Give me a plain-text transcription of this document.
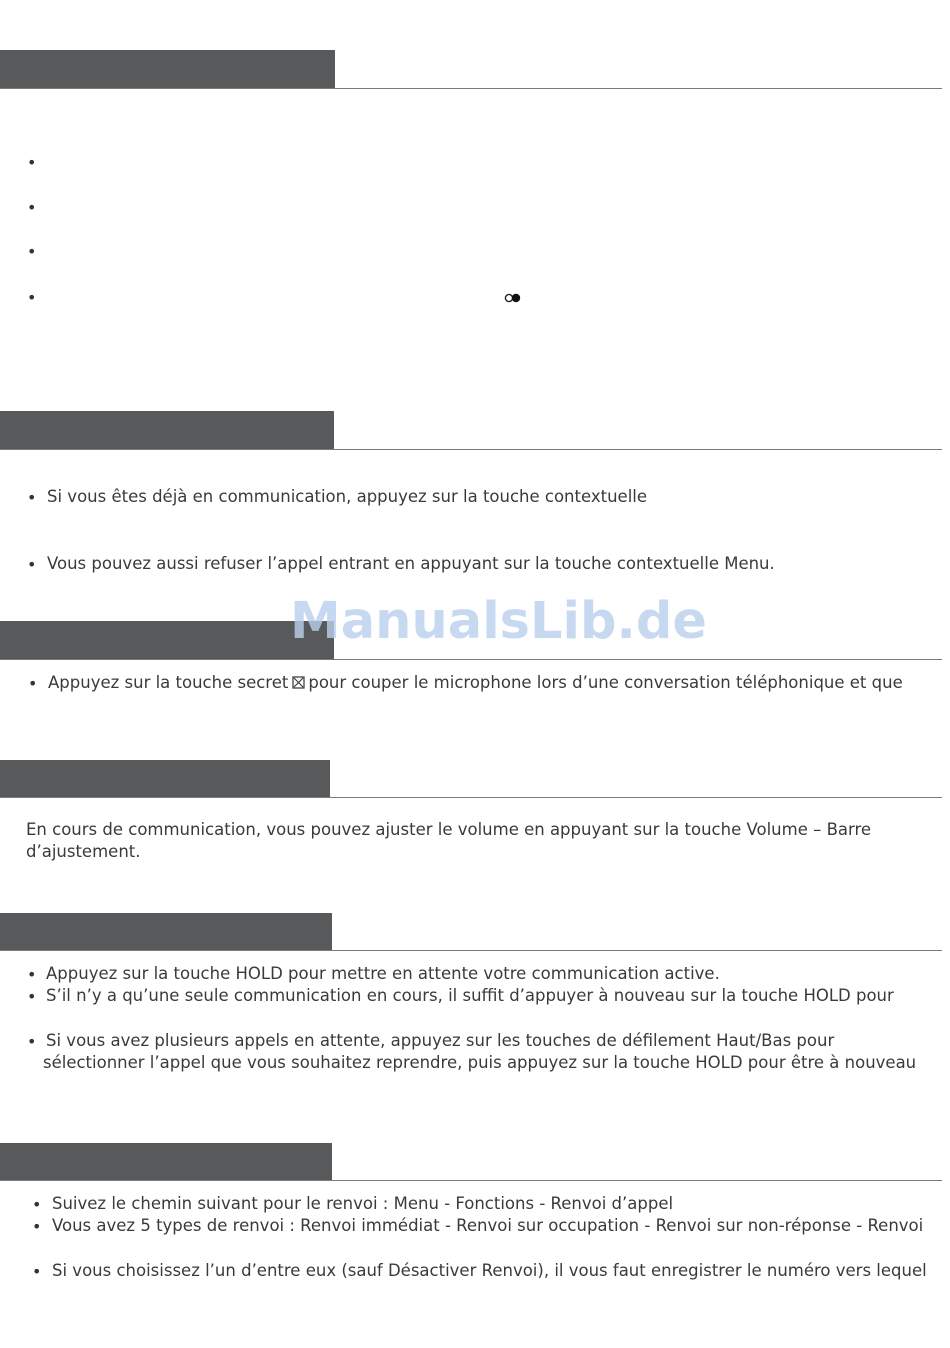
•
•
•
•
• Si vous êtes déjà en communication, appuyez sur la touche contextuelle
• Vous pouvez aussi refuser l’appel entrant en appuyant sur la touche contextuelle Menu.
ManualsLib.de
• Appuyez sur la touche secret pour couper le microphone lors d’une conversation téléphonique et que
En cours de communication, vous pouvez ajuster le volume en appuyant sur la touche Volume – Barre
d’ajustement.
• Appuyez sur la touche HOLD pour mettre en attente votre communication active.
• S’il n’y a qu’une seule communication en cours, il suffit d’appuyer à nouveau sur la touche HOLD pour
• Si vous avez plusieurs appels en attente, appuyez sur les touches de défilement Haut/Bas pour
sélectionner l’appel que vous souhaitez reprendre, puis appuyez sur la touche HOLD pour être à nouveau
• Suivez le chemin suivant pour le renvoi : Menu - Fonctions - Renvoi d’appel
• Vous avez 5 types de renvoi : Renvoi immédiat - Renvoi sur occupation - Renvoi sur non-réponse - Renvoi
• Si vous choisissez l’un d’entre eux (sauf Désactiver Renvoi), il vous faut enregistrer le numéro vers lequel
